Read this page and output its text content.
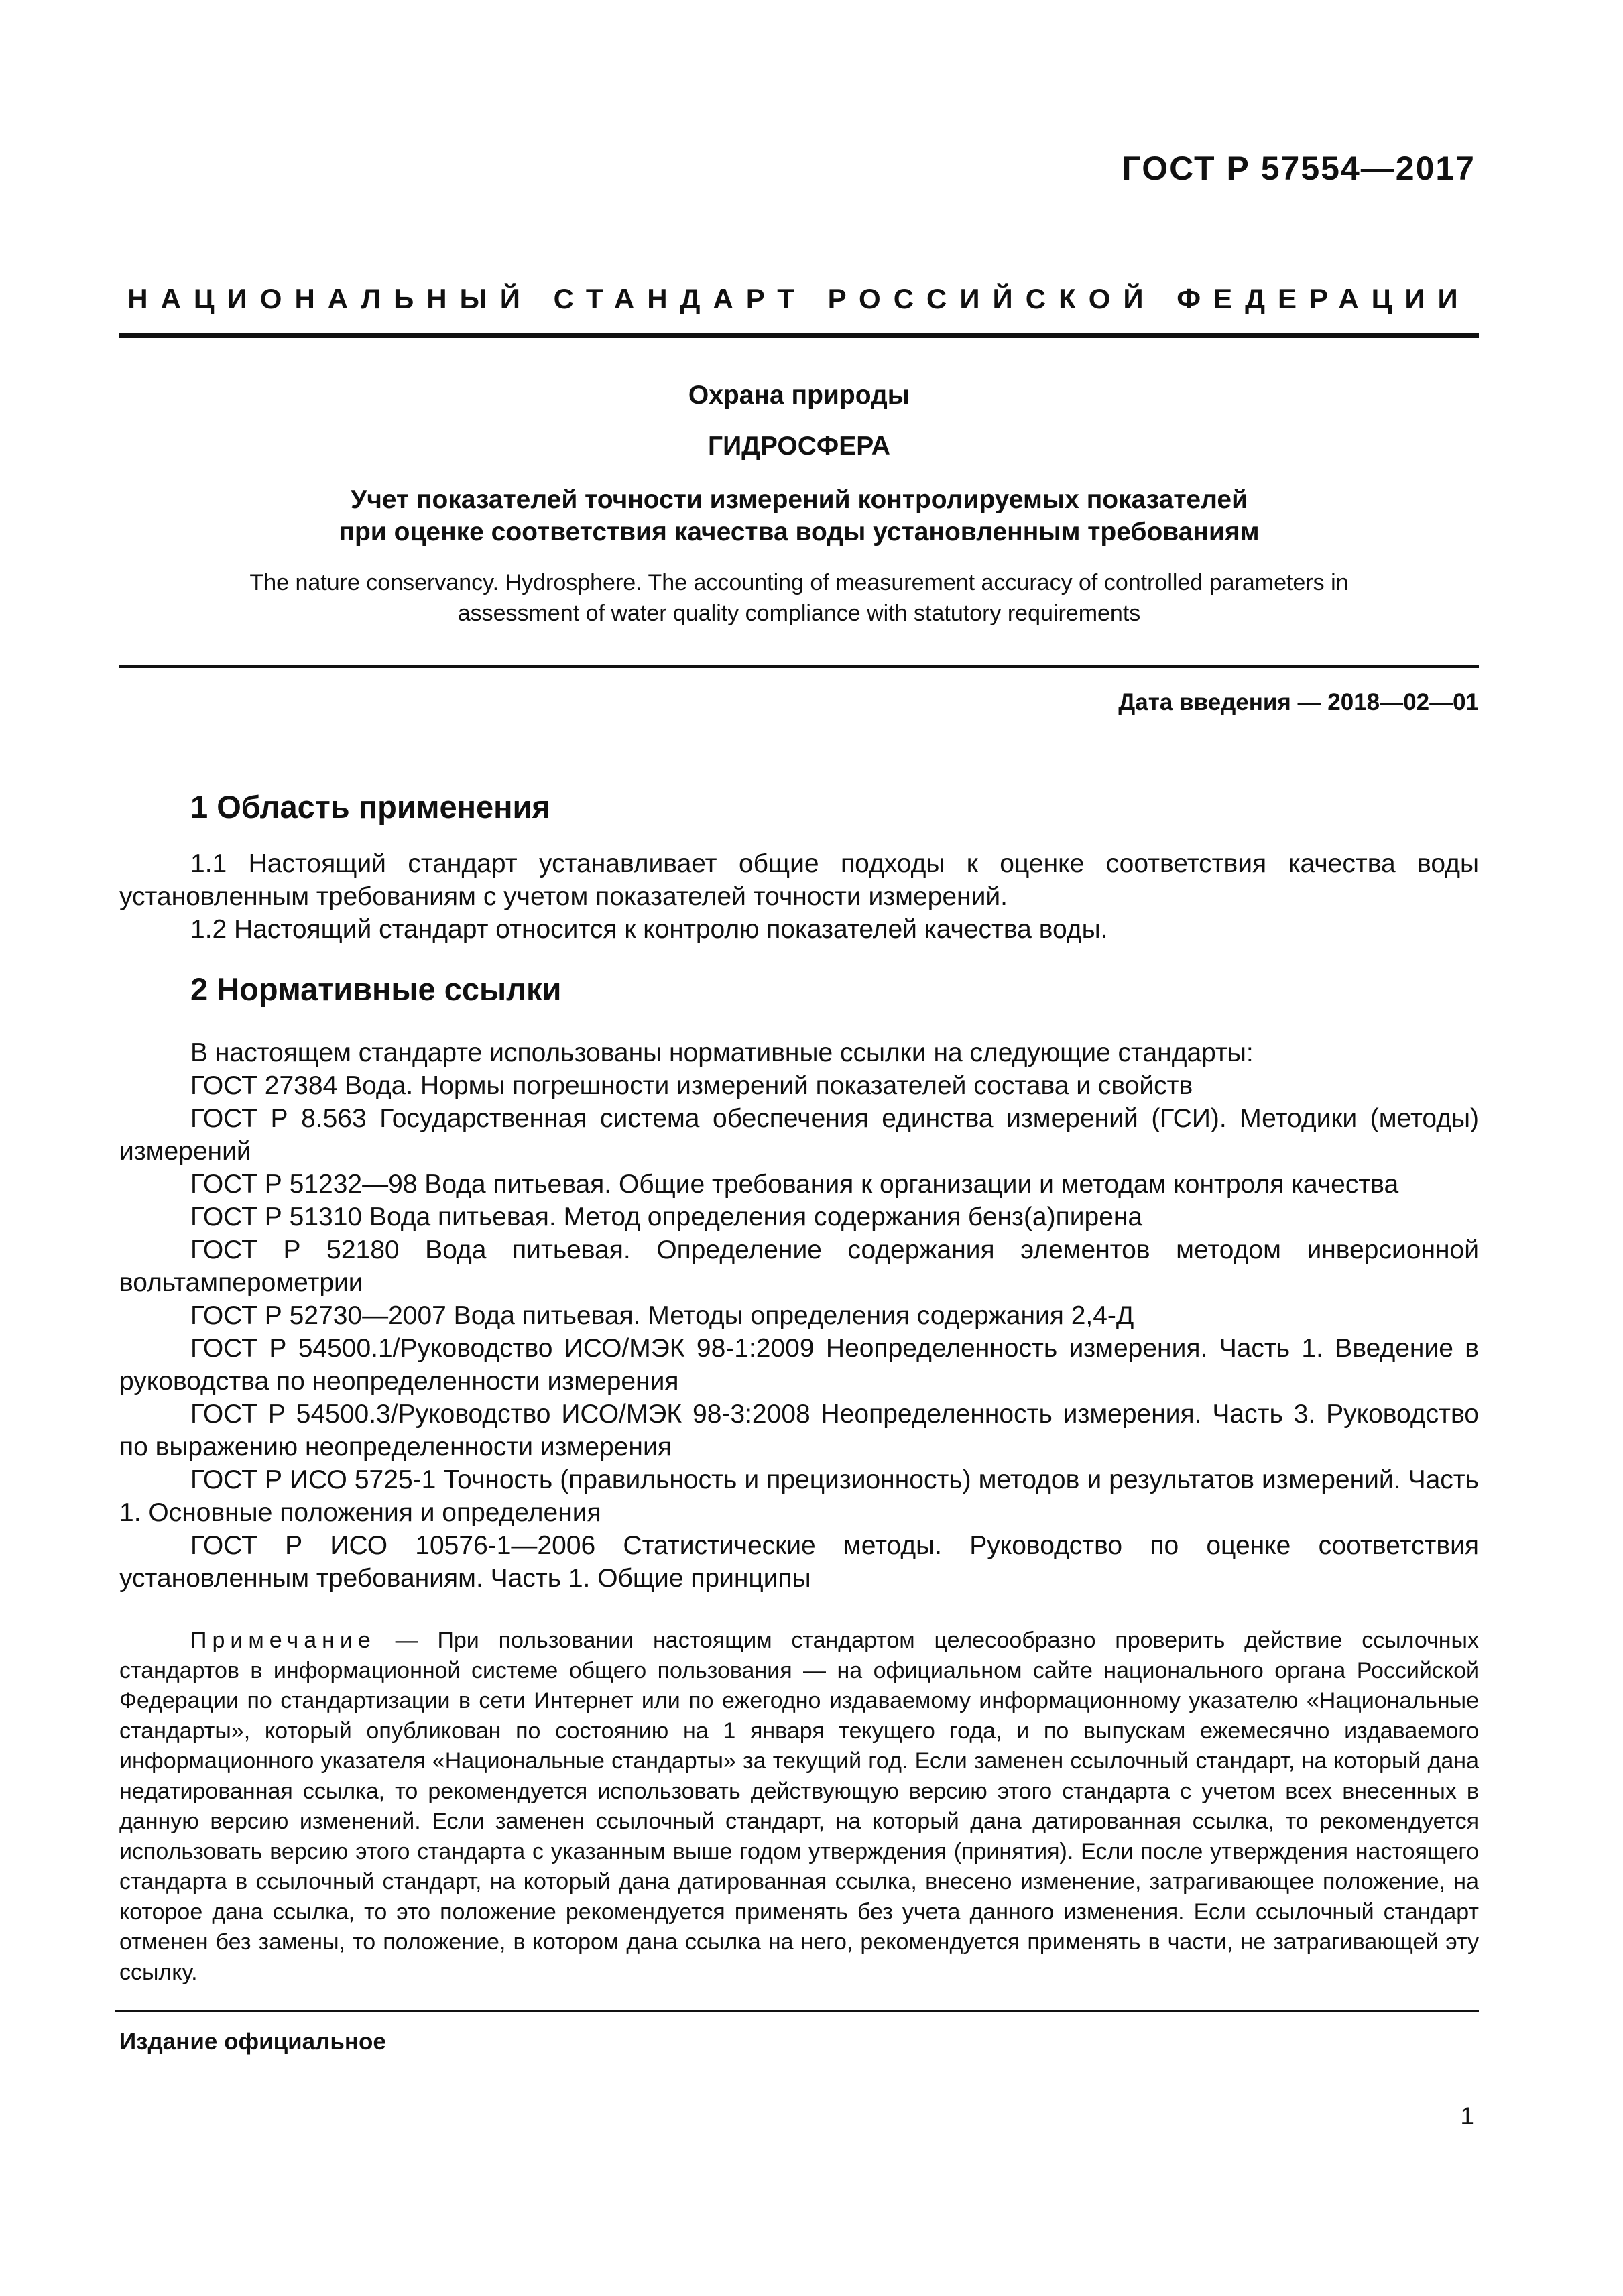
ГОСТ Р 57554—2017
НАЦИОНАЛЬНЫЙ СТАНДАРТ РОССИЙСКОЙ ФЕДЕРАЦИИ
Охрана природы
ГИДРОСФЕРА
Учет показателей точности измерений контролируемых показателей
при оценке соответствия качества воды установленным требованиям
The nature conservancy. Hydrosphere. The accounting of measurement accuracy of controlled parameters in
assessment of water quality compliance with statutory requirements
Дата введения — 2018—02—01
1 Область применения

1.1 Настоящий стандарт устанавливает общие подходы к оценке соответствия качества воды установленным требованиям с учетом показателей точности измерений.

1.2 Настоящий стандарт относится к контролю показателей качества воды.

2 Нормативные ссылки

В настоящем стандарте использованы нормативные ссылки на следующие стандарты:

ГОСТ 27384 Вода. Нормы погрешности измерений показателей состава и свойств

ГОСТ Р 8.563 Государственная система обеспечения единства измерений (ГСИ). Методики (методы) измерений

ГОСТ Р 51232—98 Вода питьевая. Общие требования к организации и методам контроля качества

ГОСТ Р 51310 Вода питьевая. Метод определения содержания бенз(а)пирена

ГОСТ Р 52180 Вода питьевая. Определение содержания элементов методом инверсионной вольтамперометрии

ГОСТ Р 52730—2007 Вода питьевая. Методы определения содержания 2,4-Д

ГОСТ Р 54500.1/Руководство ИСО/МЭК 98-1:2009 Неопределенность измерения. Часть 1. Введение в руководства по неопределенности измерения

ГОСТ Р 54500.3/Руководство ИСО/МЭК 98-3:2008 Неопределенность измерения. Часть 3. Руководство по выражению неопределенности измерения

ГОСТ Р ИСО 5725-1 Точность (правильность и прецизионность) методов и результатов измерений. Часть 1. Основные положения и определения

ГОСТ Р ИСО 10576-1—2006 Статистические методы. Руководство по оценке соответствия установленным требованиям. Часть 1. Общие принципы

Примечание — При пользовании настоящим стандартом целесообразно проверить действие ссылочных стандартов в информационной системе общего пользования — на официальном сайте национального органа Российской Федерации по стандартизации в сети Интернет или по ежегодно издаваемому информационному указателю «Национальные стандарты», который опубликован по состоянию на 1 января текущего года, и по выпускам ежемесячно издаваемого информационного указателя «Национальные стандарты» за текущий год. Если заменен ссылочный стандарт, на который дана недатированная ссылка, то рекомендуется использовать действующую версию этого стандарта с учетом всех внесенных в данную версию изменений. Если заменен ссылочный стандарт, на который дана датированная ссылка, то рекомендуется использовать версию этого стандарта с указанным выше годом утверждения (принятия). Если после утверждения настоящего стандарта в ссылочный стандарт, на который дана датированная ссылка, внесено изменение, затрагивающее положение, на которое дана ссылка, то это положение рекомендуется применять без учета данного изменения. Если ссылочный стандарт отменен без замены, то положение, в котором дана ссылка на него, рекомендуется применять в части, не затрагивающей эту ссылку.
Издание официальное
1
